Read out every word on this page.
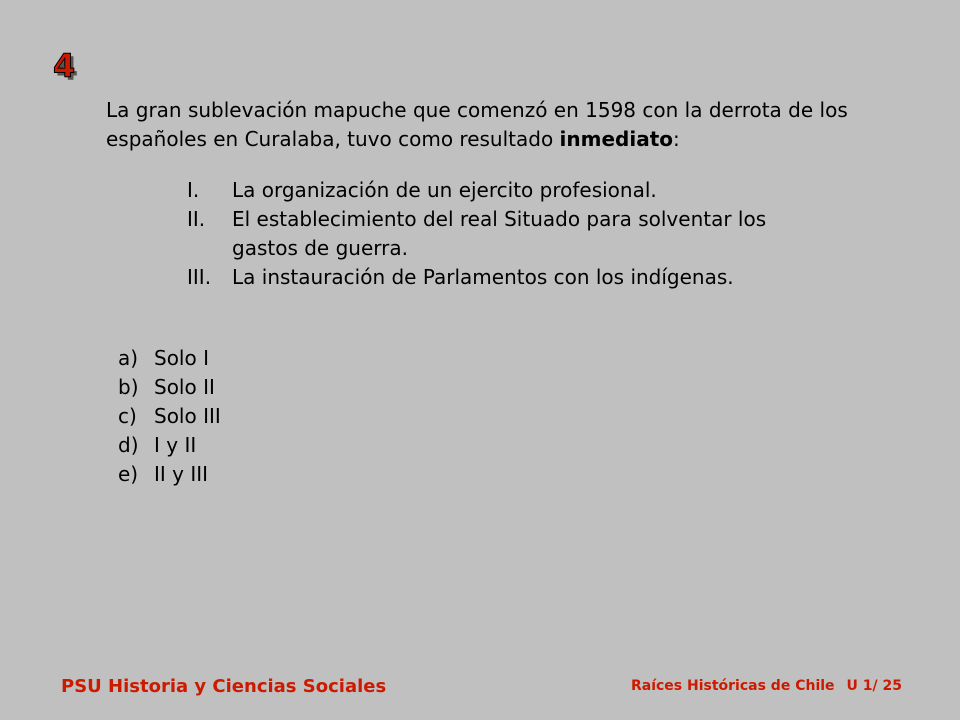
4
La gran sublevación mapuche que comenzó en 1598 con la derrota de los españoles en Curalaba, tuvo como resultado inmediato:
I.	La organización de un ejercito profesional.
II.	El establecimiento del real Situado para solventar los gastos de guerra.
III.	La instauración de Parlamentos con los indígenas.
a) Solo I
b) Solo II
c) Solo III
d) I y II
e) II y III
PSU Historia y Ciencias Sociales	Raíces Históricas de Chile U 1/ 25
